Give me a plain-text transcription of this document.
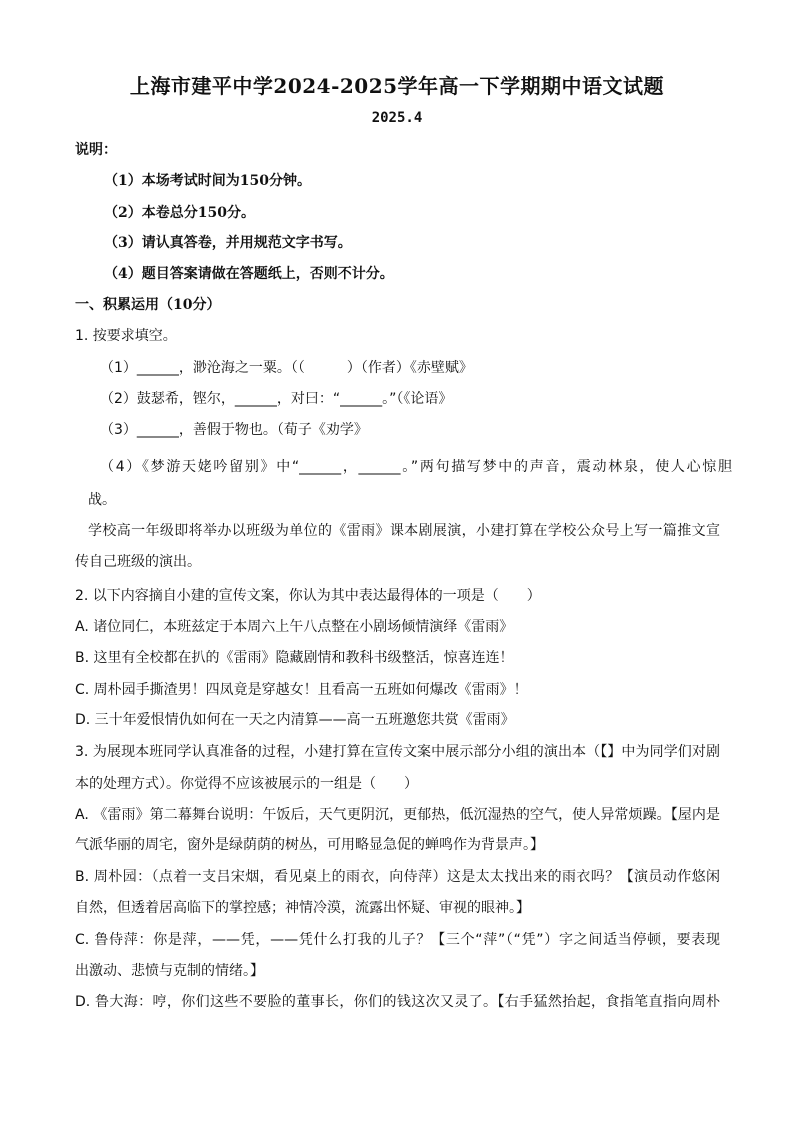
上海市建平中学2024-2025学年高一下学期期中语文试题
2025.4
说明：
（1）本场考试时间为150分钟。
（2）本卷总分150分。
（3）请认真答卷，并用规范文字书写。
（4）题目答案请做在答题纸上，否则不计分。
一、积累运用（10分）
1. 按要求填空。
（1）______，渺沧海之一粟。（（　　　）（作者）《赤壁赋》
（2）鼓瑟希，铿尔，______，对曰：“______。”（《论语》
（3）______，善假于物也。（荀子《劝学》
（4）《梦游天姥吟留别》中“______，______。”两句描写梦中的声音，震动林泉，使人心惊胆
战。
学校高一年级即将举办以班级为单位的《雷雨》课本剧展演，小建打算在学校公众号上写一篇推文宣
传自己班级的演出。
2. 以下内容摘自小建的宣传文案，你认为其中表达最得体的一项是（　　）
A. 诸位同仁，本班兹定于本周六上午八点整在小剧场倾情演绎《雷雨》
B. 这里有全校都在扒的《雷雨》隐藏剧情和教科书级整活，惊喜连连！
C. 周朴园手撕渣男！四凤竟是穿越女！且看高一五班如何爆改《雷雨》！
D. 三十年爱恨情仇如何在一天之内清算——高一五班邀您共赏《雷雨》
3. 为展现本班同学认真准备的过程，小建打算在宣传文案中展示部分小组的演出本（【】中为同学们对剧
本的处理方式）。你觉得不应该被展示的一组是（　　）
A. 《雷雨》第二幕舞台说明：午饭后，天气更阴沉，更郁热，低沉湿热的空气，使人异常烦躁。【屋内是
气派华丽的周宅，窗外是绿荫荫的树丛，可用略显急促的蝉鸣作为背景声。】
B. 周朴园：（点着一支吕宋烟，看见桌上的雨衣，向侍萍）这是太太找出来的雨衣吗？【演员动作悠闲
自然，但透着居高临下的掌控感；神情冷漠，流露出怀疑、审视的眼神。】
C. 鲁侍萍：你是萍，——凭，——凭什么打我的儿子？【三个“萍”（“凭”）字之间适当停顿，要表现
出激动、悲愤与克制的情绪。】
D. 鲁大海：哼，你们这些不要脸的董事长，你们的钱这次又灵了。【右手猛然抬起，食指笔直指向周朴
